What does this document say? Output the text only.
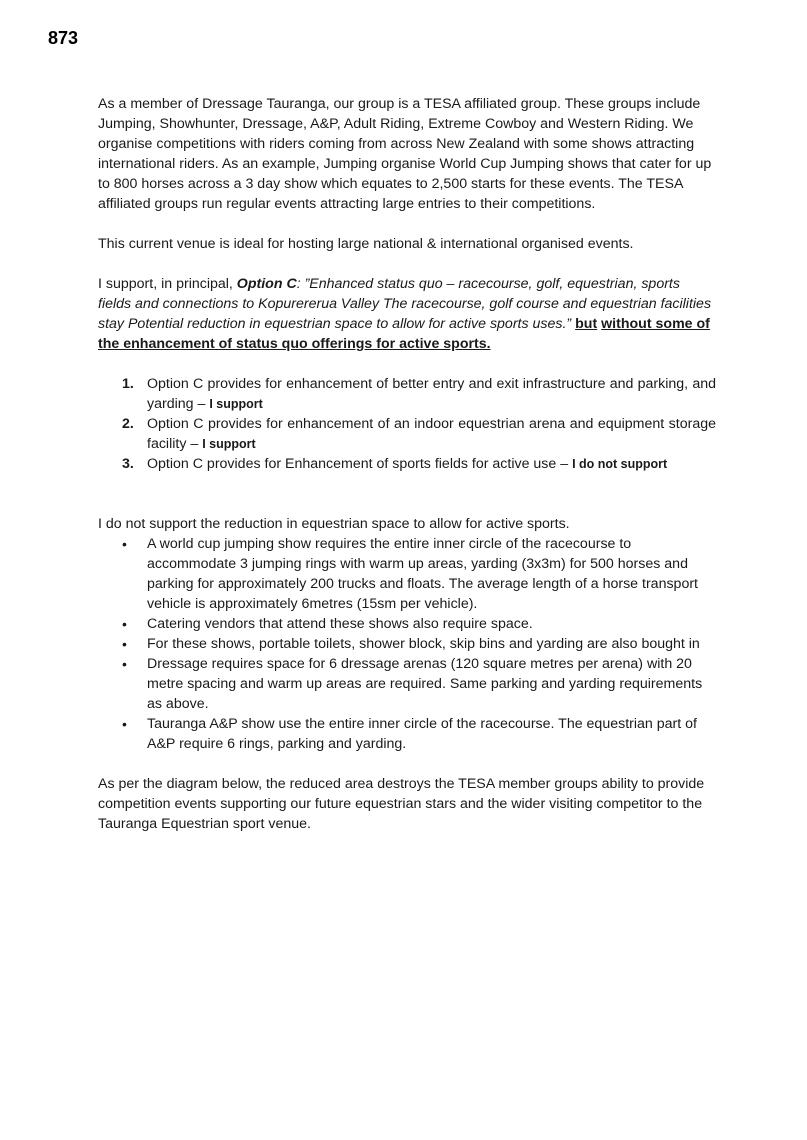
873

As a member of Dressage Tauranga, our group is a TESA affiliated group. These groups include Jumping, Showhunter, Dressage, A&P, Adult Riding, Extreme Cowboy and Western Riding. We organise competitions with riders coming from across New Zealand with some shows attracting international riders. As an example, Jumping organise World Cup Jumping shows that cater for up to 800 horses across a 3 day show which equates to 2,500 starts for these events. The TESA affiliated groups run regular events attracting large entries to their competitions.

This current venue is ideal for hosting large national & international organised events.

I support, in principal, Option C: ”Enhanced status quo – racecourse, golf, equestrian, sports fields and connections to Kopurererua Valley The racecourse, golf course and equestrian facilities stay Potential reduction in equestrian space to allow for active sports uses.” but without some of the enhancement of status quo offerings for active sports.

1. Option C provides for enhancement of better entry and exit infrastructure and parking, and yarding – I support
2. Option C provides for enhancement of an indoor equestrian arena and equipment storage facility – I support
3. Option C provides for Enhancement of sports fields for active use – I do not support

I do not support the reduction in equestrian space to allow for active sports.

• A world cup jumping show requires the entire inner circle of the racecourse to accommodate 3 jumping rings with warm up areas, yarding (3x3m) for 500 horses and parking for approximately 200 trucks and floats. The average length of a horse transport vehicle is approximately 6metres (15sm per vehicle).
• Catering vendors that attend these shows also require space.
• For these shows, portable toilets, shower block, skip bins and yarding are also bought in
• Dressage requires space for 6 dressage arenas (120 square metres per arena) with 20 metre spacing and warm up areas are required. Same parking and yarding requirements as above.
• Tauranga A&P show use the entire inner circle of the racecourse. The equestrian part of A&P require 6 rings, parking and yarding.

As per the diagram below, the reduced area destroys the TESA member groups ability to provide competition events supporting our future equestrian stars and the wider visiting competitor to the Tauranga Equestrian sport venue.
